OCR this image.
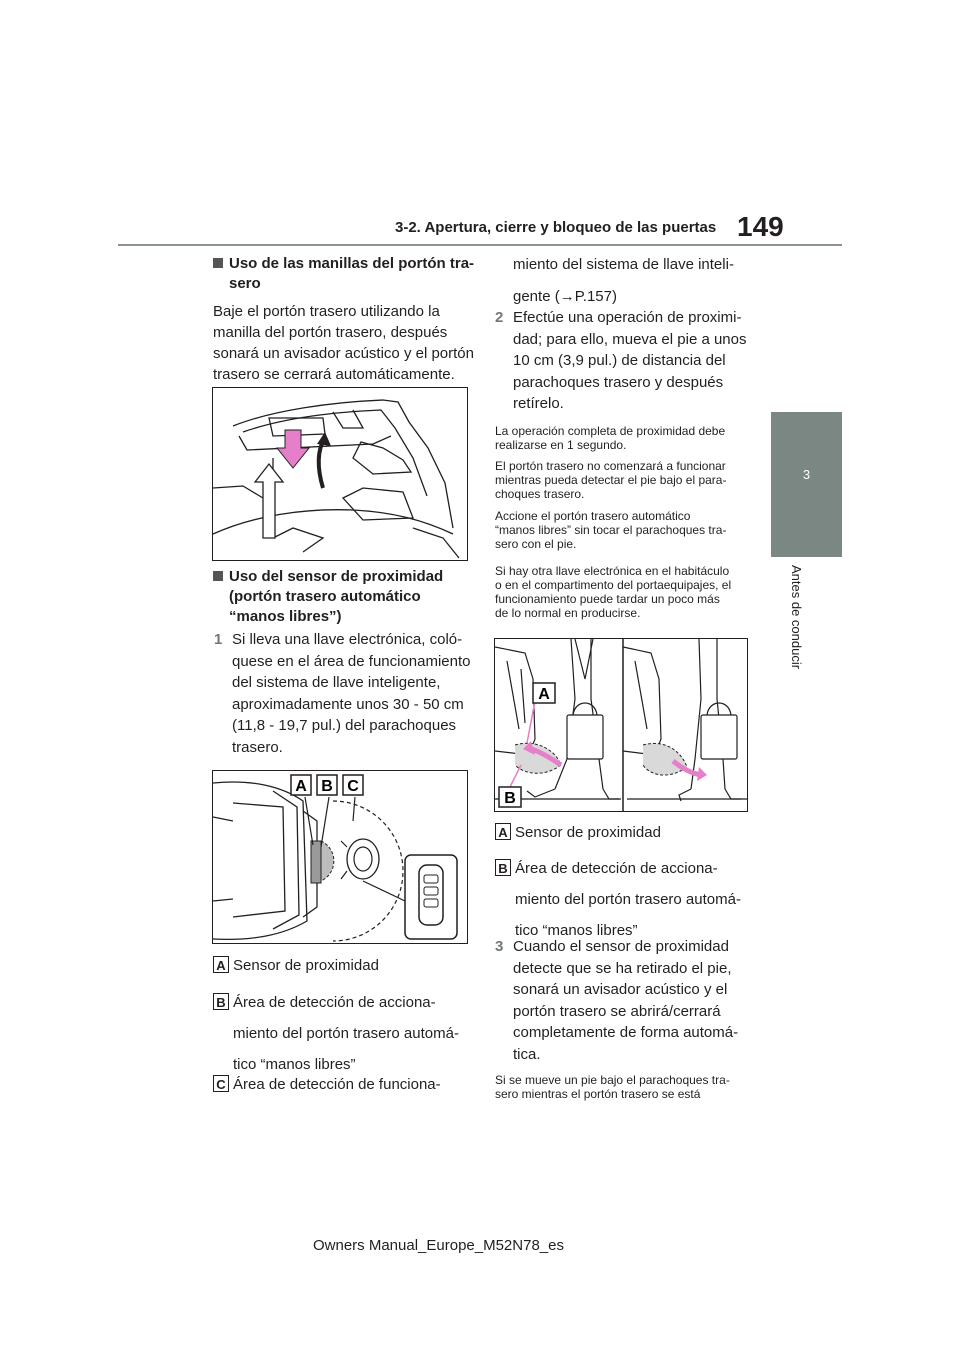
3-2. Apertura, cierre y bloqueo de las puertas 149
3
Antes de conducir
Uso de las manillas del portón tra-
sero
Baje el portón trasero utilizando la
manilla del portón trasero, después
sonará un avisador acústico y el portón
trasero se cerrará automáticamente.
Uso del sensor de proximidad
(portón trasero automático
“manos libres”)
1 Si lleva una llave electrónica, coló-
quese en el área de funcionamiento
del sistema de llave inteligente,
aproximadamente unos 30 - 50 cm
(11,8 - 19,7 pul.) del parachoques
trasero.
A B C
A Sensor de proximidad
B Área de detección de acciona-
miento del portón trasero automá-
tico “manos libres”
C Área de detección de funciona-
miento del sistema de llave inteli-
gente (→P.157)
2 Efectúe una operación de proximi-
dad; para ello, mueva el pie a unos
10 cm (3,9 pul.) de distancia del
parachoques trasero y después
retírelo.
La operación completa de proximidad debe
realizarse en 1 segundo.
El portón trasero no comenzará a funcionar
mientras pueda detectar el pie bajo el para-
choques trasero.
Accione el portón trasero automático
“manos libres” sin tocar el parachoques tra-
sero con el pie.
Si hay otra llave electrónica en el habitáculo
o en el compartimento del portaequipajes, el
funcionamiento puede tardar un poco más
de lo normal en producirse.
A
B
A Sensor de proximidad
B Área de detección de acciona-
miento del portón trasero automá-
tico “manos libres”
3 Cuando el sensor de proximidad
detecte que se ha retirado el pie,
sonará un avisador acústico y el
portón trasero se abrirá/cerrará
completamente de forma automá-
tica.
Si se mueve un pie bajo el parachoques tra-
sero mientras el portón trasero se está
Owners Manual_Europe_M52N78_es
